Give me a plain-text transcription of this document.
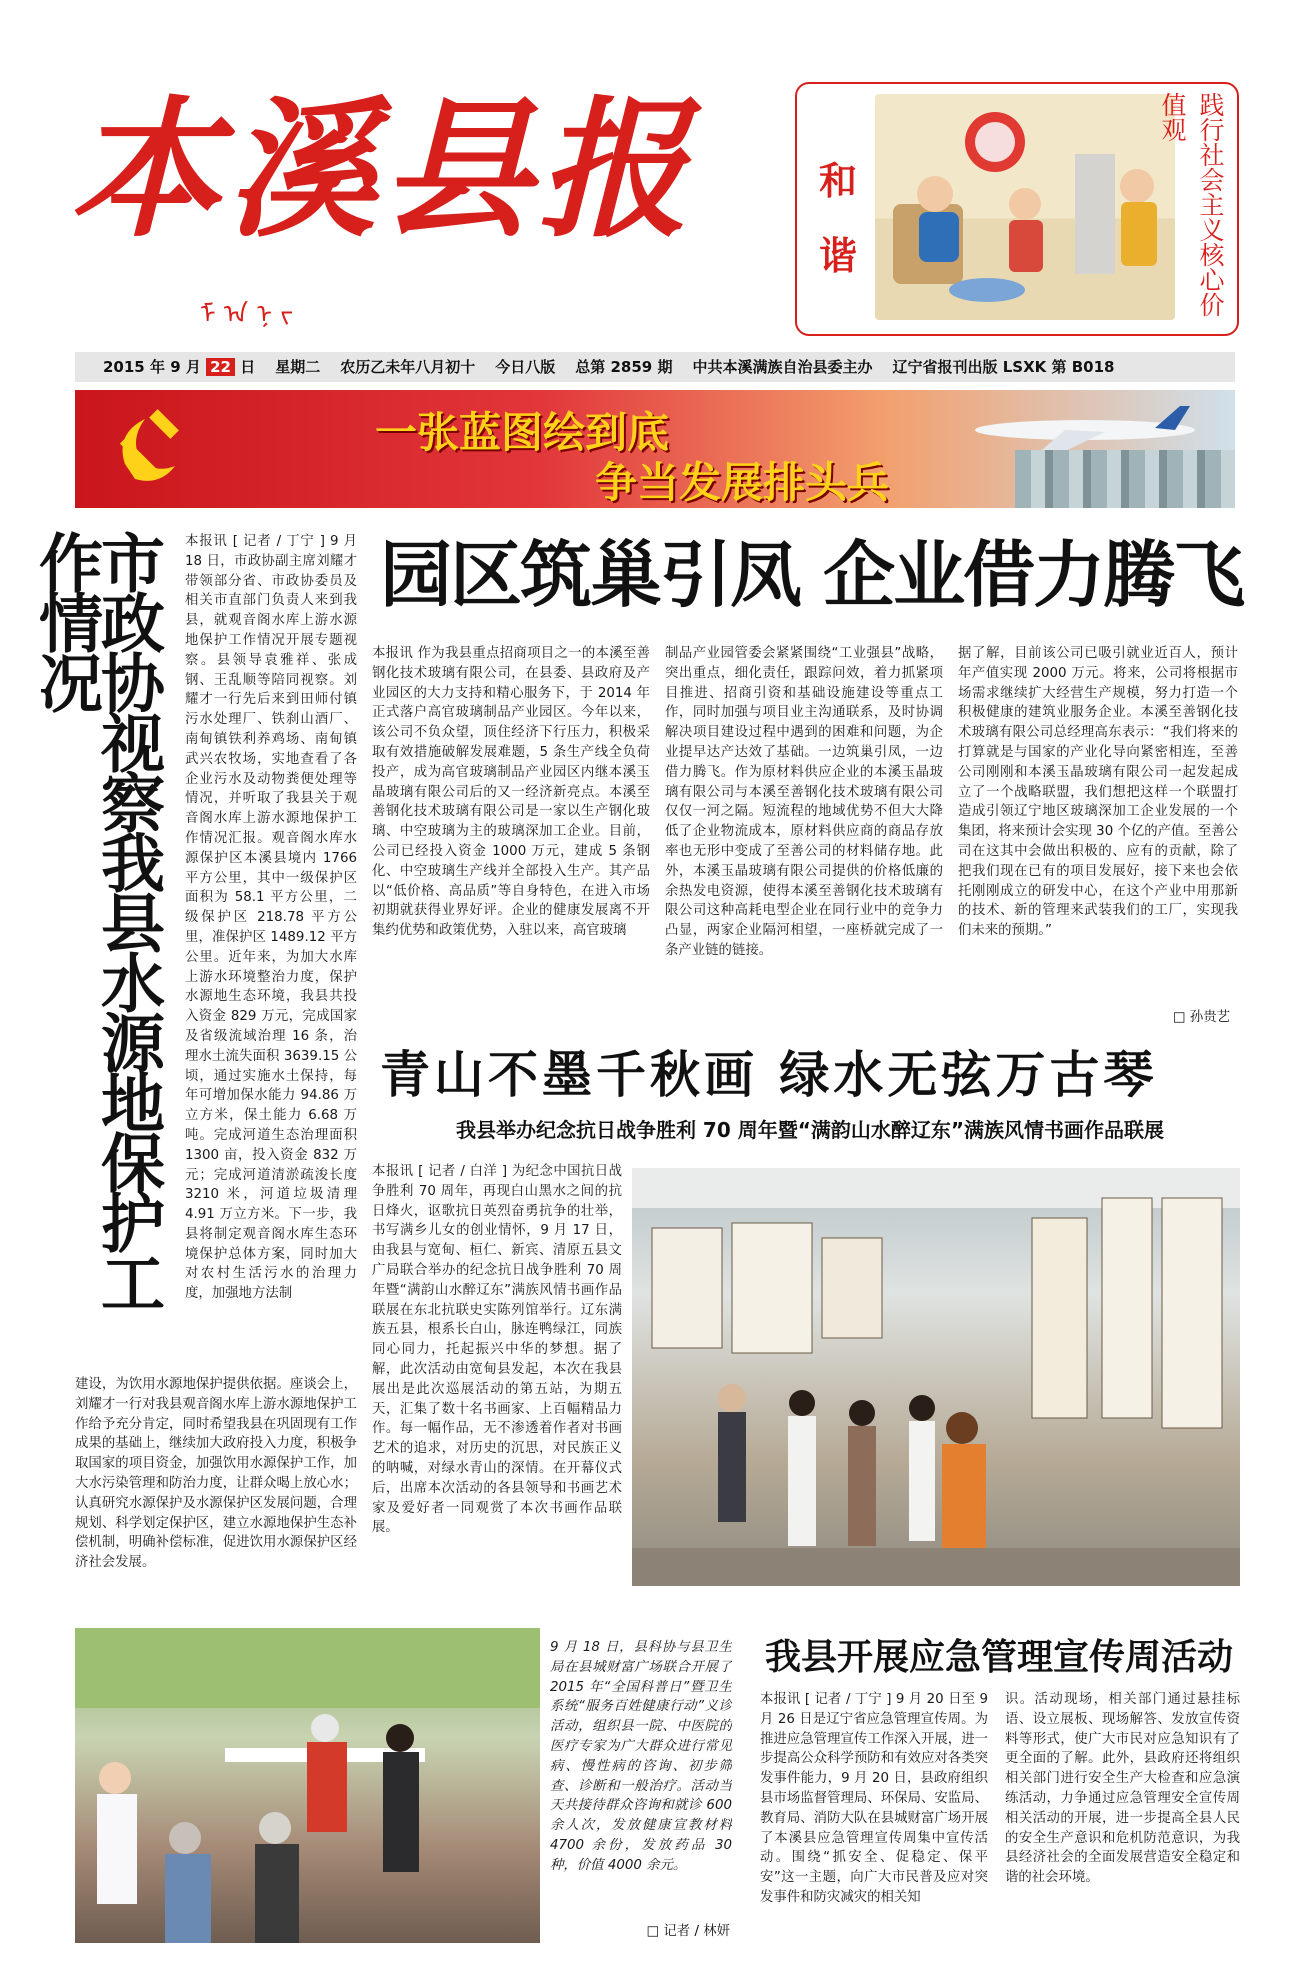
本溪县报
ᠮ ᠠ ᠨ ᠵ
和谐	践行社会主义核心价值观
2015 年 9 月 22 日 星期二 农历乙未年八月初十 今日八版 总第 2859 期 中共本溪满族自治县委主办 辽宁省报刊出版 LSXK 第 B018
一张蓝图绘到底
争当发展排头兵
市政协视察我县水源地保护工作情况	本报讯 [ 记者 / 丁宁 ] 9 月 18 日，市政协副主席刘耀才带领部分省、市政协委员及相关市直部门负责人来到我县，就观音阁水库上游水源地保护工作情况开展专题视察。县领导袁雅祥、张成钢、王乱顺等陪同视察。刘耀才一行先后来到田师付镇污水处理厂、铁刹山酒厂、南甸镇铁利养鸡场、南甸镇武兴农牧场，实地查看了各企业污水及动物粪便处理等情况，并听取了我县关于观音阁水库上游水源地保护工作情况汇报。观音阁水库水源保护区本溪县境内 1766 平方公里，其中一级保护区面积为 58.1 平方公里，二级保护区 218.78 平方公里，准保护区 1489.12 平方公里。近年来，为加大水库上游水环境整治力度，保护水源地生态环境，我县共投入资金 829 万元，完成国家及省级流域治理 16 条，治理水土流失面积 3639.15 公顷，通过实施水土保持，每年可增加保水能力 94.86 万立方米，保土能力 6.68 万吨。完成河道生态治理面积 1300 亩，投入资金 832 万元；完成河道清淤疏浚长度 3210 米，河道垃圾清理 4.91 万立方米。下一步，我县将制定观音阁水库生态环境保护总体方案，同时加大对农村生活污水的治理力度，加强地方法制
建设，为饮用水源地保护提供依据。座谈会上，刘耀才一行对我县观音阁水库上游水源地保护工作给予充分肯定，同时希望我县在巩固现有工作成果的基础上，继续加大政府投入力度，积极争取国家的项目资金，加强饮用水源保护工作，加大水污染管理和防治力度，让群众喝上放心水；认真研究水源保护及水源保护区发展问题，合理规划、科学划定保护区，建立水源地保护生态补偿机制，明确补偿标准，促进饮用水源保护区经济社会发展。
园区筑巢引凤 企业借力腾飞
本报讯 作为我县重点招商项目之一的本溪至善钢化技术玻璃有限公司，在县委、县政府及产业园区的大力支持和精心服务下，于 2014 年正式落户高官玻璃制品产业园区。今年以来，该公司不负众望，顶住经济下行压力，积极采取有效措施破解发展难题，5 条生产线全负荷投产，成为高官玻璃制品产业园区内继本溪玉晶玻璃有限公司后的又一经济新亮点。本溪至善钢化技术玻璃有限公司是一家以生产钢化玻璃、中空玻璃为主的玻璃深加工企业。目前，公司已经投入资金 1000 万元，建成 5 条钢化、中空玻璃生产线并全部投入生产。其产品以“低价格、高品质”等自身特色，在进入市场初期就获得业界好评。企业的健康发展离不开集约优势和政策优势，入驻以来，高官玻璃
制品产业园管委会紧紧围绕“工业强县”战略，突出重点，细化责任，跟踪问效，着力抓紧项目推进、招商引资和基础设施建设等重点工作，同时加强与项目业主沟通联系，及时协调解决项目建设过程中遇到的困难和问题，为企业提早达产达效了基础。一边筑巢引凤，一边借力腾飞。作为原材料供应企业的本溪玉晶玻璃有限公司与本溪至善钢化技术玻璃有限公司仅仅一河之隔。短流程的地域优势不但大大降低了企业物流成本，原材料供应商的商品存放率也无形中变成了至善公司的材料储存地。此外，本溪玉晶玻璃有限公司提供的价格低廉的余热发电资源，使得本溪至善钢化技术玻璃有限公司这种高耗电型企业在同行业中的竞争力凸显，两家企业隔河相望，一座桥就完成了一条产业链的链接。
据了解，目前该公司已吸引就业近百人，预计年产值实现 2000 万元。将来，公司将根据市场需求继续扩大经营生产规模，努力打造一个积极健康的建筑业服务企业。本溪至善钢化技术玻璃有限公司总经理高东表示：“我们将来的打算就是与国家的产业化导向紧密相连，至善公司刚刚和本溪玉晶玻璃有限公司一起发起成立了一个战略联盟，我们想把这样一个联盟打造成引领辽宁地区玻璃深加工企业发展的一个集团，将来预计会实现 30 个亿的产值。至善公司在这其中会做出积极的、应有的贡献，除了把我们现在已有的项目发展好，接下来也会依托刚刚成立的研发中心，在这个产业中用那新的技术、新的管理来武装我们的工厂，实现我们未来的预期。”
□ 孙贵艺
青山不墨千秋画 绿水无弦万古琴
我县举办纪念抗日战争胜利 70 周年暨“满韵山水醉辽东”满族风情书画作品联展
本报讯 [ 记者 / 白洋 ] 为纪念中国抗日战争胜利 70 周年，再现白山黑水之间的抗日烽火，讴歌抗日英烈奋勇抗争的壮举，书写满乡儿女的创业情怀，9 月 17 日，由我县与宽甸、桓仁、新宾、清原五县文广局联合举办的纪念抗日战争胜利 70 周年暨“满韵山水醉辽东”满族风情书画作品联展在东北抗联史实陈列馆举行。辽东满族五县，根系长白山，脉连鸭绿江，同族同心同力，托起振兴中华的梦想。据了解，此次活动由宽甸县发起，本次在我县展出是此次巡展活动的第五站，为期五天，汇集了数十名书画家、上百幅精品力作。每一幅作品，无不渗透着作者对书画艺术的追求，对历史的沉思，对民族正义的呐喊，对绿水青山的深情。在开幕仪式后，出席本次活动的各县领导和书画艺术家及爱好者一同观赏了本次书画作品联展。
9 月 18 日，县科协与县卫生局在县城财富广场联合开展了 2015 年“全国科普日”暨卫生系统“服务百姓健康行动”义诊活动，组织县一院、中医院的医疗专家为广大群众进行常见病、慢性病的咨询、初步筛查、诊断和一般治疗。活动当天共接待群众咨询和就诊 600 余人次，发放健康宣教材料 4700 余份，发放药品 30 种，价值 4000 余元。
□ 记者 / 林妍
我县开展应急管理宣传周活动
本报讯 [ 记者 / 丁宁 ] 9 月 20 日至 9 月 26 日是辽宁省应急管理宣传周。为推进应急管理宣传工作深入开展，进一步提高公众科学预防和有效应对各类突发事件能力，9 月 20 日，县政府组织县市场监督管理局、环保局、安监局、教育局、消防大队在县城财富广场开展了本溪县应急管理宣传周集中宣传活动。围绕“抓安全、促稳定、保平安”这一主题，向广大市民普及应对突发事件和防灾减灾的相关知
识。活动现场，相关部门通过悬挂标语、设立展板、现场解答、发放宣传资料等形式，使广大市民对应急知识有了更全面的了解。此外，县政府还将组织相关部门进行安全生产大检查和应急演练活动，力争通过应急管理安全宣传周相关活动的开展，进一步提高全县人民的安全生产意识和危机防范意识，为我县经济社会的全面发展营造安全稳定和谐的社会环境。
